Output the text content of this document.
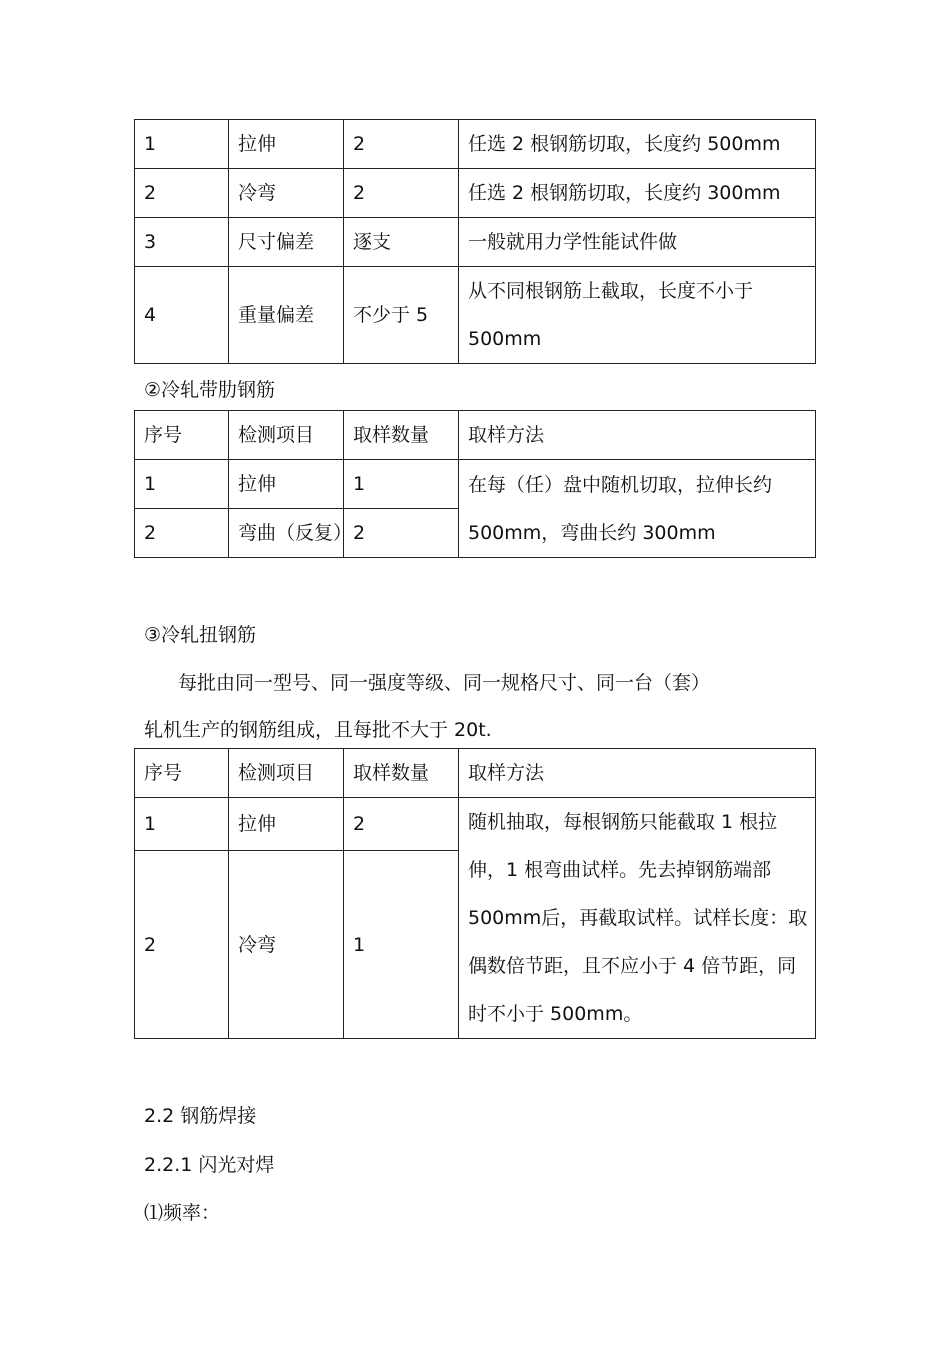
1	拉伸	2	任选 2 根钢筋切取，长度约 500mm
2	冷弯	2	任选 2 根钢筋切取，长度约 300mm
3	尺寸偏差	逐支	一般就用力学性能试件做
4	重量偏差	不少于 5	从不同根钢筋上截取，长度不小于 500mm
②冷轧带肋钢筋
序号	检测项目	取样数量	取样方法
1	拉伸	1	在每（任）盘中随机切取，拉伸长约 500mm，弯曲长约 300mm
2	弯曲（反复）	2	
③冷轧扭钢筋
每批由同一型号、同一强度等级、同一规格尺寸、同一台（套）
轧机生产的钢筋组成，且每批不大于 20t.
序号	检测项目	取样数量	取样方法
1	拉伸	2	随机抽取，每根钢筋只能截取 1 根拉伸，1 根弯曲试样。先去掉钢筋端部 500mm后，再截取试样。试样长度：取偶数倍节距，且不应小于 4 倍节距，同时不小于 500mm。
2	冷弯	1	
2.2 钢筋焊接
2.2.1 闪光对焊
⑴频率：
